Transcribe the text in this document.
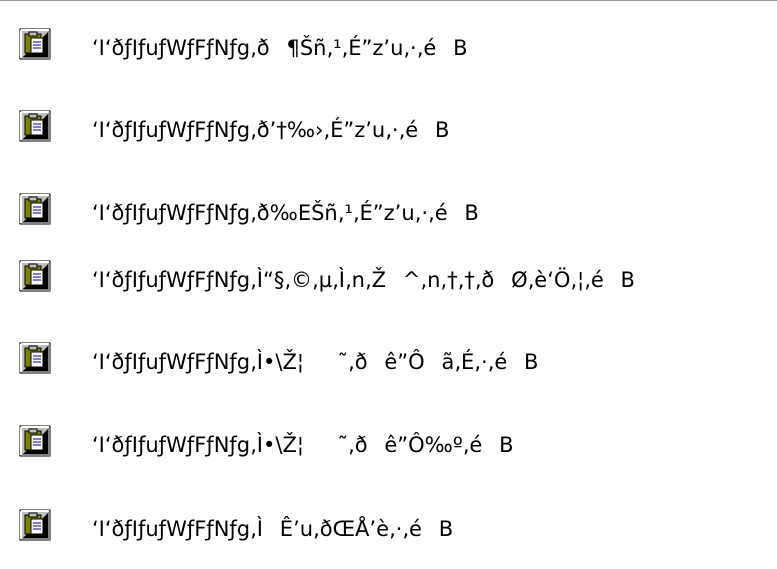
‘I‘ðƒIƒuƒWƒFƒNƒg‚ð¶Šñ‚¹‚É”z’u‚·‚éB
‘I‘ðƒIƒuƒWƒFƒNƒg‚ð’†‰›‚É”z’u‚·‚éB
‘I‘ðƒIƒuƒWƒFƒNƒg‚ð‰EŠñ‚¹‚É”z’u‚·‚éB
‘I‘ðƒIƒuƒWƒFƒNƒg‚Ì“§‚©‚µ‚Ì‚n‚Ž^‚n‚†‚†‚ðØ‚è‘Ö‚¦‚éB
‘I‘ðƒIƒuƒWƒFƒNƒg‚Ì•\Ž¦˜‚ðê”Ôã‚É‚·‚éB
‘I‘ðƒIƒuƒWƒFƒNƒg‚Ì•\Ž¦˜‚ðê”Ô‰º‚éB
‘I‘ðƒIƒuƒWƒFƒNƒg‚ÌÊ’u‚ðŒÅ’è‚·‚éB
